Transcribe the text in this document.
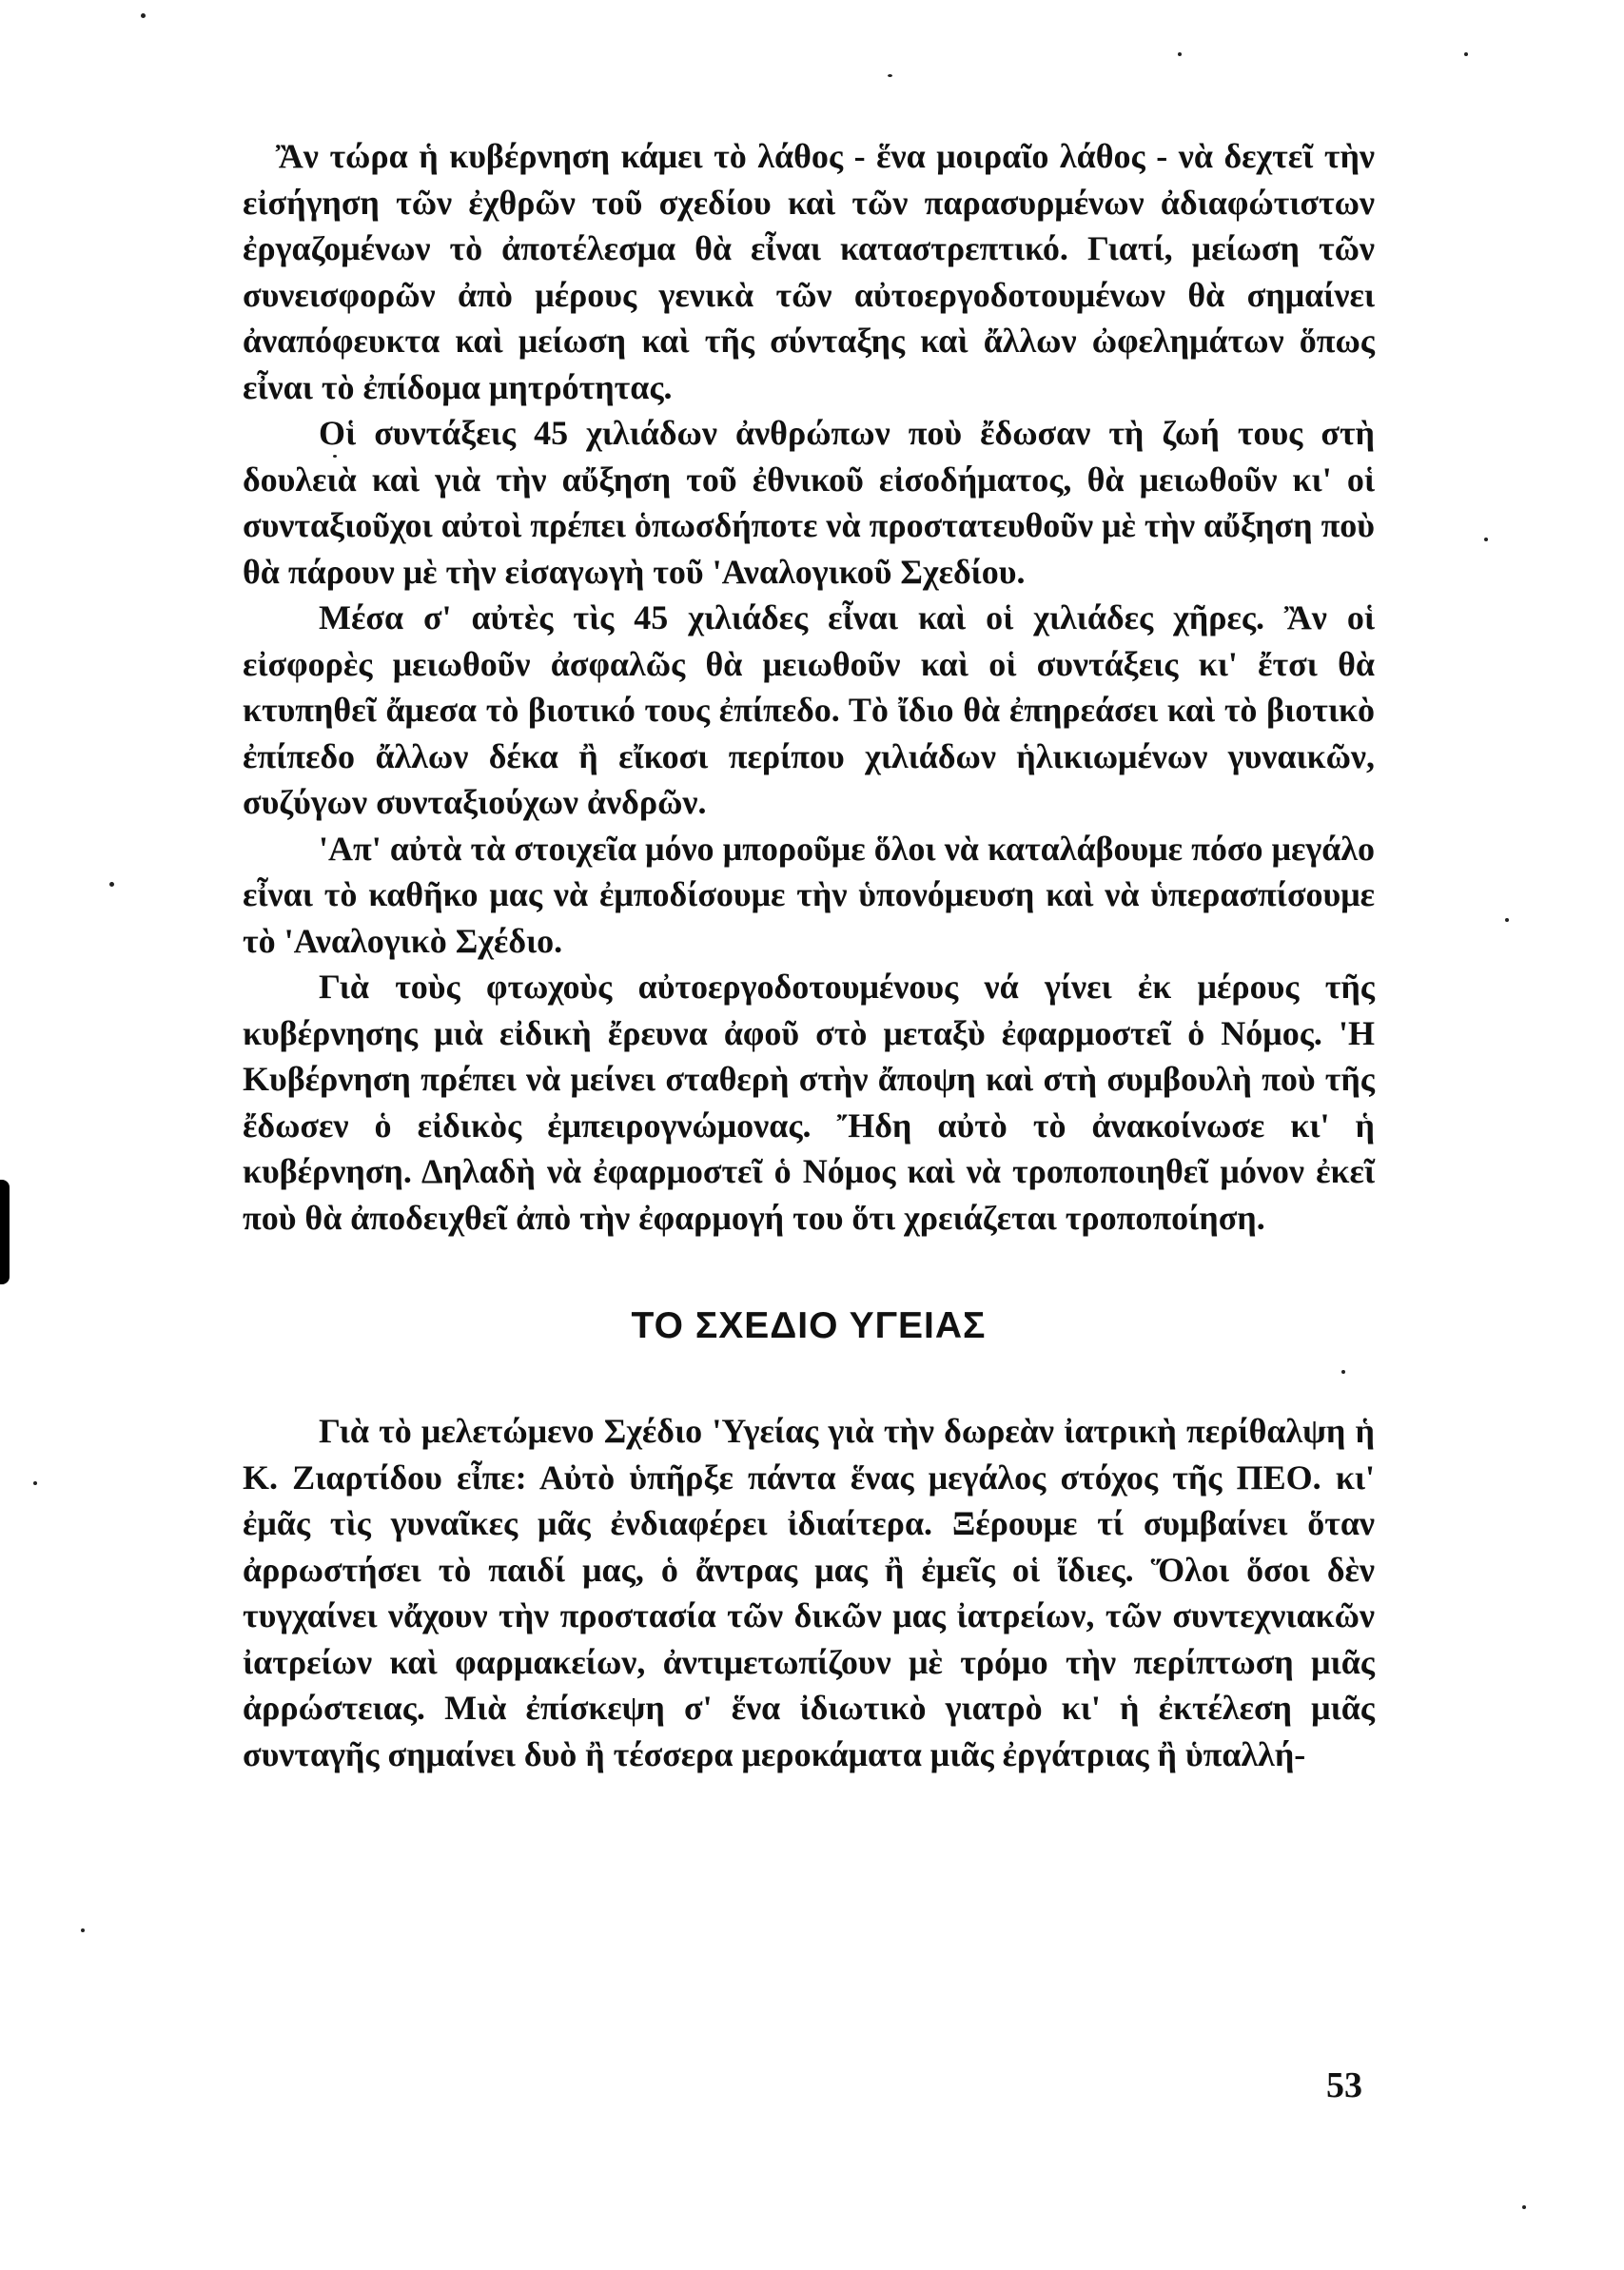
Ἂν τώρα ἡ κυβέρνηση κάμει τὸ λάθος - ἕνα μοιραῖο λάθος - νὰ δεχτεῖ τὴν εἰσήγηση τῶν ἐχθρῶν τοῦ σχεδίου καὶ τῶν παρασυρμένων ἀδιαφώτιστων ἐργαζομένων τὸ ἀποτέλεσμα θὰ εἶναι καταστρεπτικό. Γιατί, μείωση τῶν συνεισφορῶν ἀπὸ μέρους γενικὰ τῶν αὐτοεργοδοτουμένων θὰ σημαίνει ἀναπόφευκτα καὶ μείωση καὶ τῆς σύνταξης καὶ ἄλλων ὠφελημάτων ὅπως εἶναι τὸ ἐπίδομα μητρότητας.

Οἱ συντάξεις 45 χιλιάδων ἀνθρώπων ποὺ ἔδωσαν τὴ ζωή τους στὴ δουλειὰ καὶ γιὰ τὴν αὔξηση τοῦ ἐθνικοῦ εἰσοδήματος, θὰ μειωθοῦν κι' οἱ συνταξιοῦχοι αὐτοὶ πρέπει ὁπωσδήποτε νὰ προστατευθοῦν μὲ τὴν αὔξηση ποὺ θὰ πάρουν μὲ τὴν εἰσαγωγὴ τοῦ 'Αναλογικοῦ Σχεδίου.

Μέσα σ' αὐτὲς τὶς 45 χιλιάδες εἶναι καὶ οἱ χιλιάδες χῆρες. Ἂν οἱ εἰσφορὲς μειωθοῦν ἀσφαλῶς θὰ μειωθοῦν καὶ οἱ συντάξεις κι' ἔτσι θὰ κτυπηθεῖ ἄμεσα τὸ βιοτικό τους ἐπίπεδο. Τὸ ἴδιο θὰ ἐπηρεάσει καὶ τὸ βιοτικὸ ἐπίπεδο ἄλλων δέκα ἢ εἴκοσι περίπου χιλιάδων ἡλικιωμένων γυναικῶν, συζύγων συνταξιούχων ἀνδρῶν.

'Απ' αὐτὰ τὰ στοιχεῖα μόνο μποροῦμε ὅλοι νὰ καταλάβουμε πόσο μεγάλο εἶναι τὸ καθῆκο μας νὰ ἐμποδίσουμε τὴν ὑπονόμευση καὶ νὰ ὑπερασπίσουμε τὸ 'Αναλογικὸ Σχέδιο.

Γιὰ τοὺς φτωχοὺς αὐτοεργοδοτουμένους νά γίνει ἐκ μέρους τῆς κυβέρνησης μιὰ εἰδικὴ ἔρευνα ἀφοῦ στὸ μεταξὺ ἐφαρμοστεῖ ὁ Νόμος. 'Η Κυβέρνηση πρέπει νὰ μείνει σταθερὴ στὴν ἄποψη καὶ στὴ συμβουλὴ ποὺ τῆς ἔδωσεν ὁ εἰδικὸς ἐμπειρογνώμονας. Ἤδη αὐτὸ τὸ ἀνακοίνωσε κι' ἡ κυβέρνηση. Δηλαδὴ νὰ ἐφαρμοστεῖ ὁ Νόμος καὶ νὰ τροποποιηθεῖ μόνον ἐκεῖ ποὺ θὰ ἀποδειχθεῖ ἀπὸ τὴν ἐφαρμογή του ὅτι χρειάζεται τροποποίηση.

ΤΟ ΣΧΕΔΙΟ ΥΓΕΙΑΣ

Γιὰ τὸ μελετώμενο Σχέδιο 'Υγείας γιὰ τὴν δωρεὰν ἰατρικὴ περίθαλψη ἡ Κ. Ζιαρτίδου εἶπε: Αὐτὸ ὑπῆρξε πάντα ἕνας μεγάλος στόχος τῆς ΠΕΟ. κι' ἐμᾶς τὶς γυναῖκες μᾶς ἐνδιαφέρει ἰδιαίτερα. Ξέρουμε τί συμβαίνει ὅταν ἀρρωστήσει τὸ παιδί μας, ὁ ἄντρας μας ἢ ἐμεῖς οἱ ἴδιες. Ὅλοι ὅσοι δὲν τυγχαίνει νἄχουν τὴν προστασία τῶν δικῶν μας ἰατρείων, τῶν συντεχνιακῶν ἰατρείων καὶ φαρμακείων, ἀντιμετωπίζουν μὲ τρόμο τὴν περίπτωση μιᾶς ἀρρώστειας. Μιὰ ἐπίσκεψη σ' ἕνα ἰδιωτικὸ γιατρὸ κι' ἡ ἐκτέλεση μιᾶς συνταγῆς σημαίνει δυὸ ἢ τέσσερα μεροκάματα μιᾶς ἐργάτριας ἢ ὑπαλλή-

53
